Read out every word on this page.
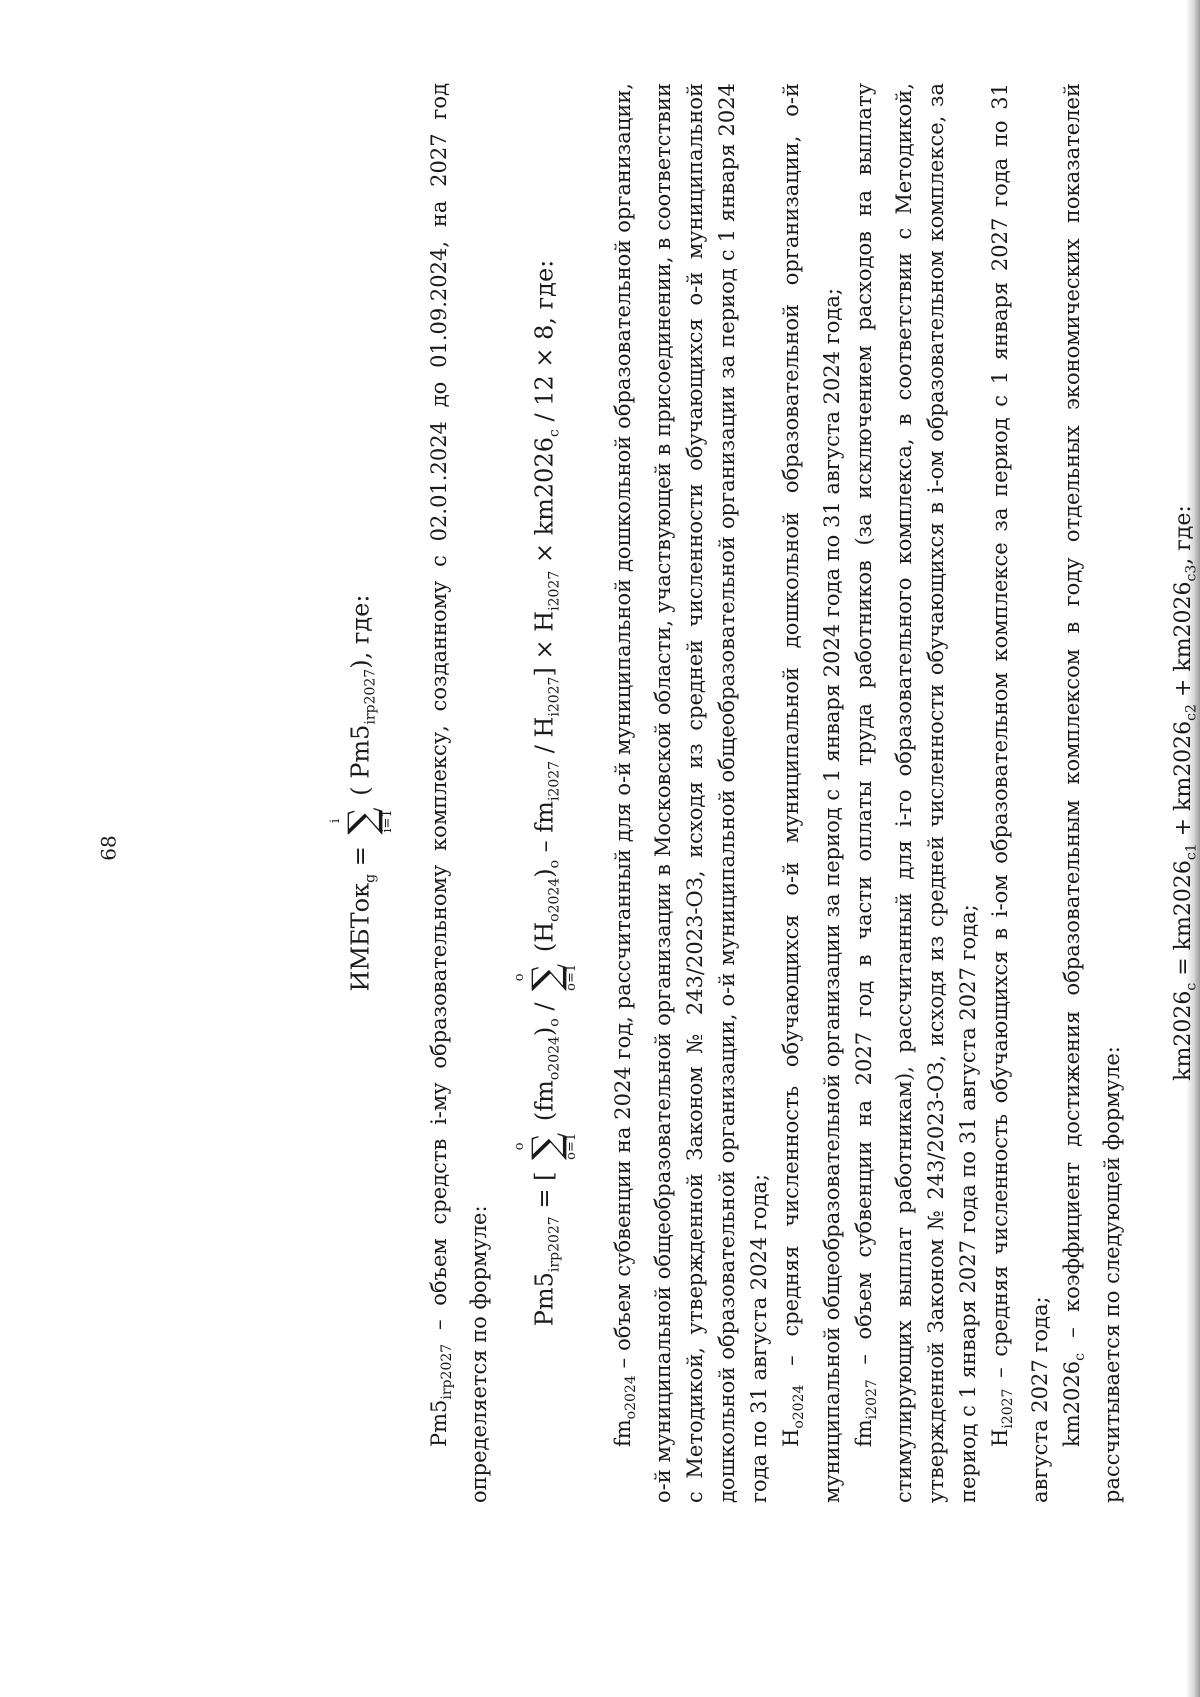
68
ИМБТок$_g$ =
i
∑
i=1
( $Pm5_{irp2027}$), где:

$Pm5_{irp2027}$ – объем средств i-му образовательному комплексу, созданному с 02.01.2024 до 01.09.2024, на 2027 год определяется по формуле:	$Pm5_{irp2027}$ = [
o
∑
o=1
$(fm_{o2024})_o$ /
o
∑
o=1
$(Н_{o2024})_o - fm_{i2027} / Н_{i2027}] \times Н_{i2027} \times km2026_c / 12 \times 8$, где:

$fm_{o2024}$ – объем субвенции на 2024 год, рассчитанный для о-й муниципальной дошкольной образовательной организации, о-й муниципальной общеобразовательной организации в Московской области, участвующей в присоединении, в соответствии с Методикой, утвержденной Законом № 243/2023-ОЗ, исходя из средней численности обучающихся о-й муниципальной дошкольной образовательной организации, о-й муниципальной общеобразовательной организации за период с 1 января 2024 года по 31 августа 2024 года; $Н_{o2024}$ – средняя численность обучающихся о-й муниципальной дошкольной образовательной организации, о-й муниципальной общеобразовательной организации за период с 1 января 2024 года по 31 августа 2024 года; $fm_{i2027}$ – объем субвенции на 2027 год в части оплаты труда работников (за исключением расходов на выплату стимулирующих выплат работникам), рассчитанный для i-го образовательного комплекса, в соответствии с Методикой, утвержденной Законом № 243/2023-ОЗ, исходя из средней численности обучающихся в i-ом образовательном комплексе, за период с 1 января 2027 года по 31 августа 2027 года; $Н_{i2027}$ – средняя численность обучающихся в i-ом образовательном комплексе за период с 1 января 2027 года по 31 августа 2027 года; $km2026_c$ – коэффициент достижения образовательным комплексом в году отдельных экономических показателей рассчитывается по следующей формуле:

$km2026_c = km2026_{c1} + km2026_{c2} + km2026_{c3}$, где:
